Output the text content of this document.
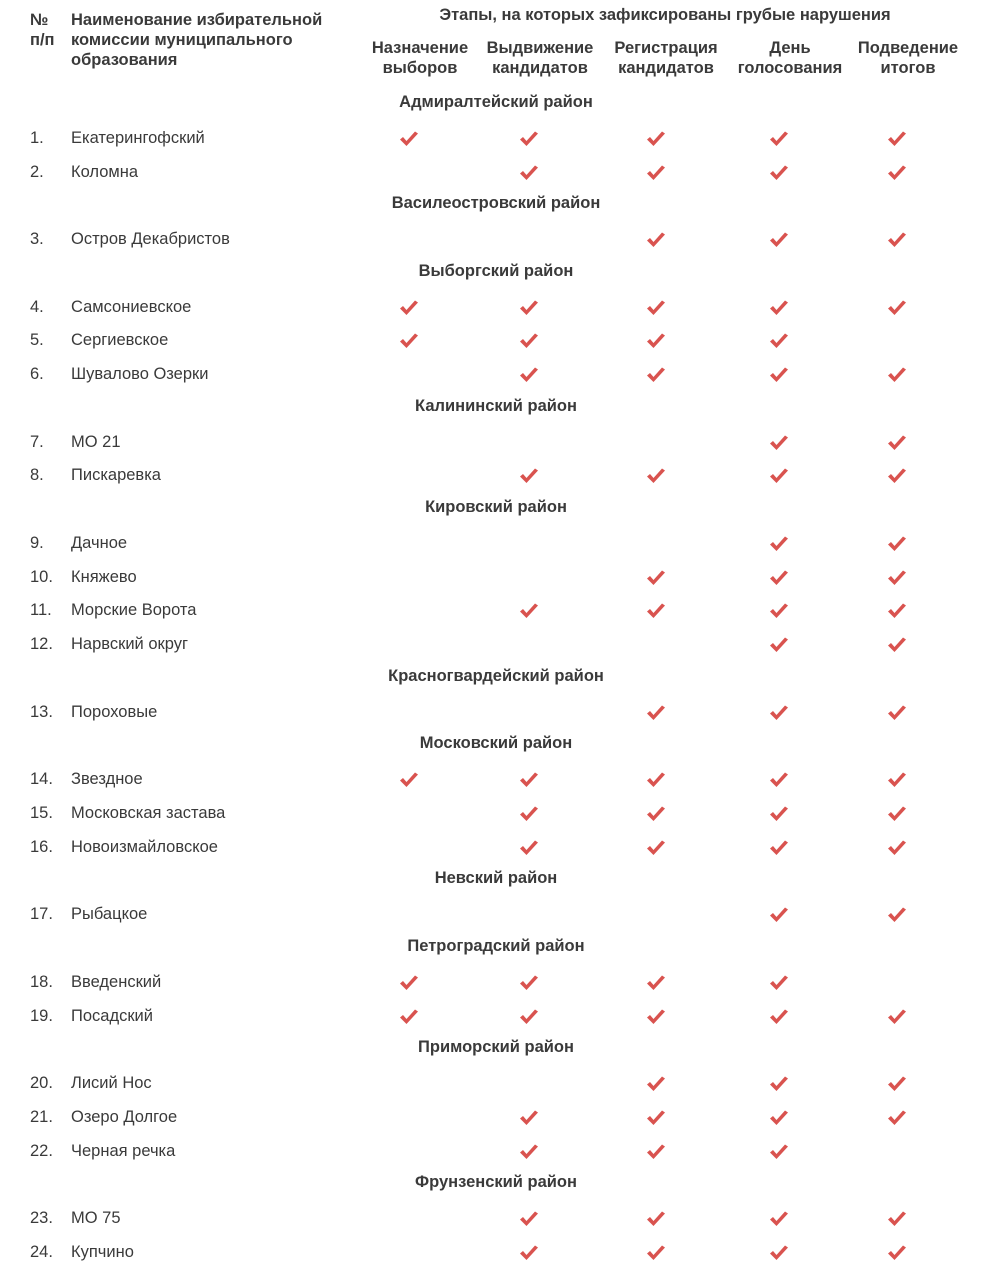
№ п/п
Наименование избирательной комиссии муниципального образования
Этапы, на которых зафиксированы грубые нарушения
Назначение выборов
Выдвижение кандидатов
Регистрация кандидатов
День голосования
Подведение итогов
Адмиралтейский район
1. Екатерингофский
2. Коломна
Василеостровский район
3. Остров Декабристов
Выборгский район
4. Самсониевское
5. Сергиевское
6. Шувалово Озерки
Калининский район
7. МО 21
8. Пискаревка
Кировский район
9. Дачное
10. Княжево
11. Морские Ворота
12. Нарвский округ
Красногвардейский район
13. Пороховые
Московский район
14. Звездное
15. Московская застава
16. Новоизмайловское
Невский район
17. Рыбацкое
Петроградский район
18. Введенский
19. Посадский
Приморский район
20. Лисий Нос
21. Озеро Долгое
22. Черная речка
Фрунзенский район
23. МО 75
24. Купчино
